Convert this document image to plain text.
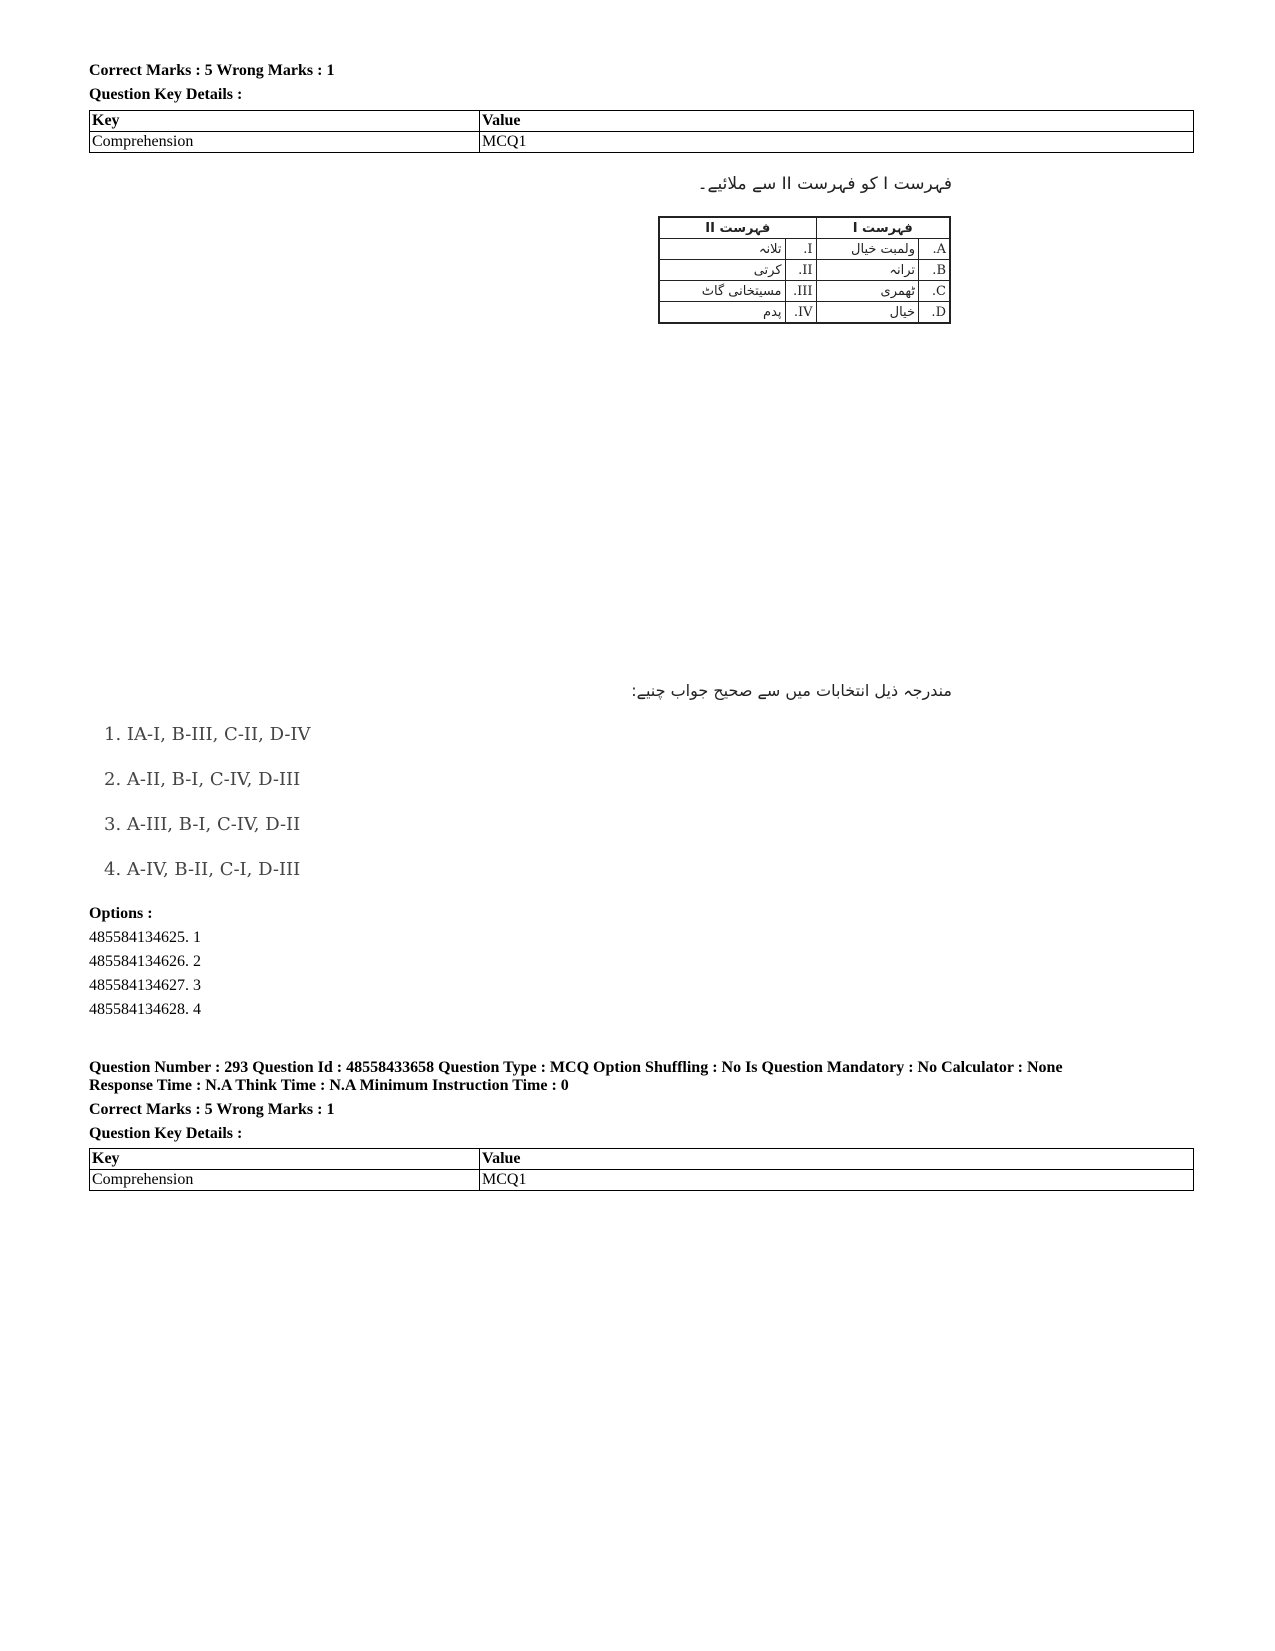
Correct Marks : 5 Wrong Marks : 1
Question Key Details :
Key	Value
Comprehension	MCQ1
فہرست I کو فہرست II سے ملائیے۔
فہرست I		فہرست II	
A.	ولمبت خیال	I.	تلانہ
B.	ترانہ	II.	کرتی
C.	ٹھمری	III.	مسیتخانی گاٹ
D.	خیال	IV.	پدم
مندرجہ ذیل انتخابات میں سے صحیح جواب چنیے:
1. IA-I, B-III, C-II, D-IV
2. A-II, B-I, C-IV, D-III
3. A-III, B-I, C-IV, D-II
4. A-IV, B-II, C-I, D-III
Options :
485584134625. 1
485584134626. 2
485584134627. 3
485584134628. 4
Question Number : 293 Question Id : 48558433658 Question Type : MCQ Option Shuffling : No Is Question Mandatory : No Calculator : None
Response Time : N.A Think Time : N.A Minimum Instruction Time : 0
Correct Marks : 5 Wrong Marks : 1
Question Key Details :
Key	Value
Comprehension	MCQ1
